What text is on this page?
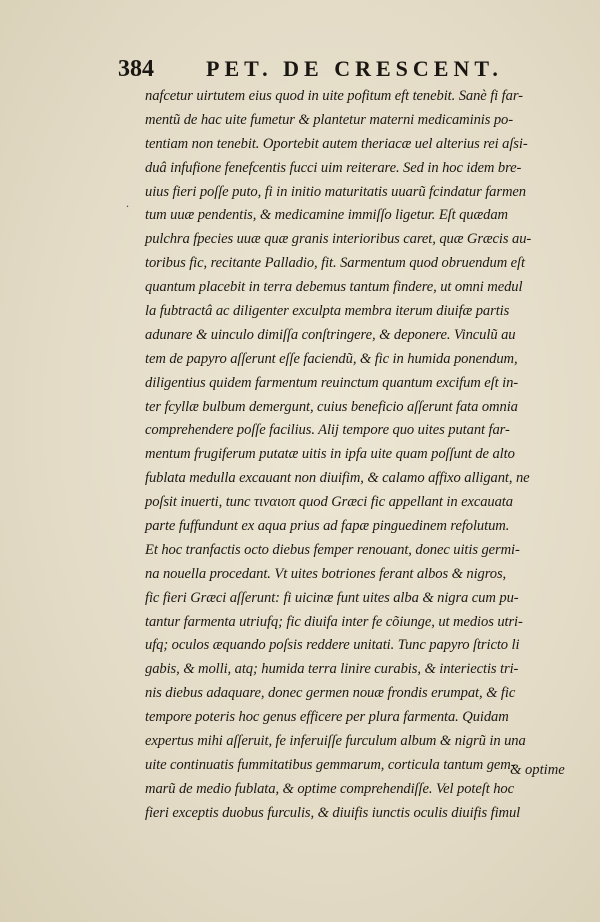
384 PET. DE CRESCENT.
.
nafcetur uirtutem eius quod in uite pofitum eft tenebit. Sanè fi far-
mentũ de hac uite fumetur & plantetur materni medicaminis po-
tentiam non tenebit. Oportebit autem theriacæ uel alterius rei aſsi-
duâ infufione fenefcentis fucci uim reiterare. Sed in hoc idem bre-
uius fieri poſſe puto, fi in initio maturitatis uuarũ fcindatur farmen
tum uuæ pendentis, & medicamine immiſſo ligetur. Eſt quædam
pulchra fpecies uuæ quæ granis interioribus caret, quæ Græcis au-
toribus fic, recitante Palladio, fit. Sarmentum quod obruendum eſt
quantum placebit in terra debemus tantum findere, ut omni medul
la fubtractâ ac diligenter exculpta membra iterum diuifæ partis
adunare & uinculo dimiſſa conſtringere, & deponere. Vinculũ au
tem de papyro aſſerunt eſſe faciendũ, & fic in humida ponendum,
diligentius quidem farmentum reuinctum quantum excifum eſt in-
ter fcyllæ bulbum demergunt, cuius beneficio aſſerunt fata omnia
comprehendere poſſe facilius. Alij tempore quo uites putant far-
mentum frugiferum putatæ uitis in ipfa uite quam poſſunt de alto
fublata medulla excauant non diuifim, & calamo affixo alligant, ne
poſsit inuerti, tunc τιναιοπ quod Græci fic appellant in excauata
parte fuffundunt ex aqua prius ad fapæ pinguedinem refolutum.
Et hoc tranfactis octo diebus femper renouant, donec uitis germi-
na nouella procedant. Vt uites botriones ferant albos & nigros,
fic fieri Græci aſſerunt: fi uicinæ funt uites alba & nigra cum pu-
tantur farmenta utriufq; fic diuifa inter fe cõiunge, ut medios utri-
ufq; oculos æquando poſsis reddere unitati. Tunc papyro ſtricto li
gabis, & molli, atq; humida terra linire curabis, & interiectis tri-
nis diebus adaquare, donec germen nouæ frondis erumpat, & fic
tempore poteris hoc genus efficere per plura farmenta. Quidam
expertus mihi aſſeruit, fe inferuiſſe furculum album & nigrũ in una
uite continuatis fummitatibus gemmarum, corticula tantum gem-
marũ de medio fublata, & optime comprehendiſſe. Vel poteſt hoc
fieri exceptis duobus furculis, & diuifis iunctis oculis diuifis fimul
& optime
